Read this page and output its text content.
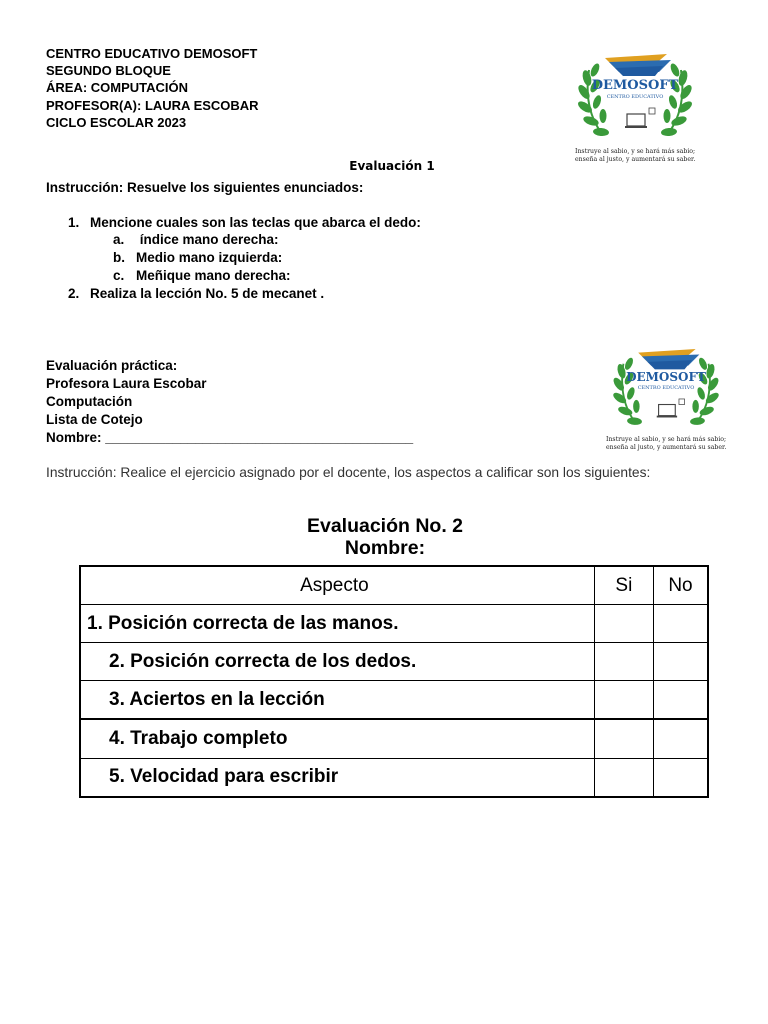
CENTRO EDUCATIVO DEMOSOFT
SEGUNDO BLOQUE
ÁREA: COMPUTACIÓN
PROFESOR(A): LAURA ESCOBAR
CICLO ESCOLAR 2023
DEMOSOFT
CENTRO EDUCATIVO
Instruye al sabio, y se hará más sabio;
enseña al justo, y aumentará su saber.
Evaluación 1
Instrucción: Resuelve los siguientes enunciados:
1. Mencione cuales son las teclas que abarca el dedo:
a. índice mano derecha:
b. Medio mano izquierda:
c. Meñique mano derecha:
2. Realiza la lección No. 5 de mecanet .
Evaluación práctica:
Profesora Laura Escobar
Computación
Lista de Cotejo
Nombre: _________________________________________
DEMOSOFT
CENTRO EDUCATIVO
Instruye al sabio, y se hará más sabio;
enseña al justo, y aumentará su saber.
Instrucción: Realice el ejercicio asignado por el docente, los aspectos a calificar son los siguientes:
Evaluación No. 2
Nombre:
Aspecto	Si	No
1. Posición correcta de las manos.		
2. Posición correcta de los dedos.		
3. Aciertos en la lección		
4. Trabajo completo		
5. Velocidad para escribir		
